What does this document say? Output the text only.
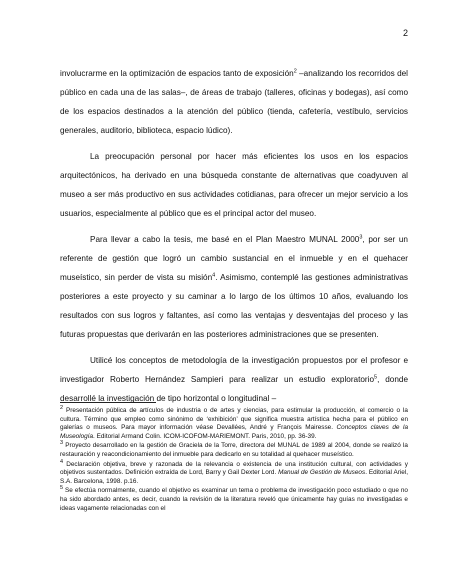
2

involucrarme en la optimización de espacios tanto de exposición$^2$ –analizando los recorridos del público en cada una de las salas–, de áreas de trabajo (talleres, oficinas y bodegas), así como de los espacios destinados a la atención del público (tienda, cafetería, vestíbulo, servicios generales, auditorio, biblioteca, espacio lúdico).

La preocupación personal por hacer más eficientes los usos en los espacios arquitectónicos, ha derivado en una búsqueda constante de alternativas que coadyuven al museo a ser más productivo en sus actividades cotidianas, para ofrecer un mejor servicio a los usuarios, especialmente al público que es el principal actor del museo.

Para llevar a cabo la tesis, me basé en el Plan Maestro MUNAL 2000$^3$, por ser un referente de gestión que logró un cambio sustancial en el inmueble y en el quehacer museístico, sin perder de vista su misión$^4$. Asimismo, contemplé las gestiones administrativas posteriores a este proyecto y su caminar a lo largo de los últimos 10 años, evaluando los resultados con sus logros y faltantes, así como las ventajas y desventajas del proceso y las futuras propuestas que derivarán en las posteriores administraciones que se presenten.

Utilicé los conceptos de metodología de la investigación propuestos por el profesor e investigador Roberto Hernández Sampieri para realizar un estudio exploratorio$^5$, donde desarrollé la investigación de tipo horizontal o longitudinal –

$^2$ Presentación pública de artículos de industria o de artes y ciencias, para estimular la producción, el comercio o la cultura. Término que empleo como sinónimo de ‘exhibición’ que significa muestra artística hecha para el público en galerías o museos. Para mayor información véase Devallées, André y François Mairesse. Conceptos claves de la Museología. Editorial Armand Colin. ICOM-ICOFOM-MARIEMONT. Paris, 2010, pp. 36-39.

$^3$ Proyecto desarrollado en la gestión de Graciela de la Torre, directora del MUNAL de 1989 al 2004, donde se realizó la restauración y reacondicionamiento del inmueble para dedicarlo en su totalidad al quehacer museístico.

$^4$ Declaración objetiva, breve y razonada de la relevancia o existencia de una institución cultural, con actividades y objetivos sustentados. Definición extraída de Lord, Barry y Gail Dexter Lord. Manual de Gestión de Museos. Editorial Ariel, S.A. Barcelona, 1998. p.16.

$^5$ Se efectúa normalmente, cuando el objetivo es examinar un tema o problema de investigación poco estudiado o que no ha sido abordado antes, es decir, cuando la revisión de la literatura reveló que únicamente hay guías no investigadas e ideas vagamente relacionadas con el
